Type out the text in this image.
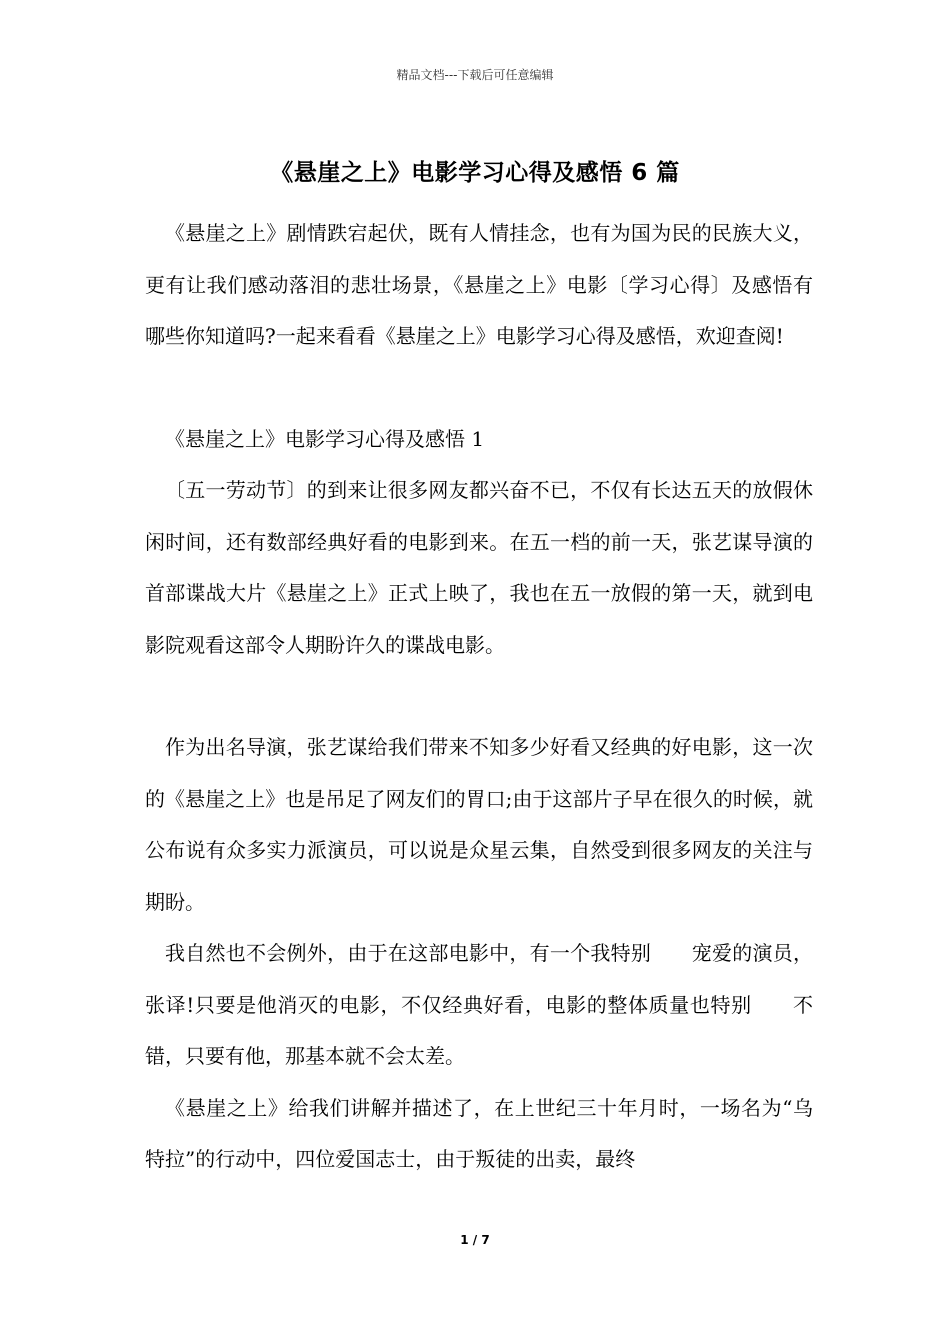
精品文档---下载后可任意编辑
《悬崖之上》电影学习心得及感悟 6 篇

《悬崖之上》剧情跌宕起伏，既有人情挂念，也有为国为民的民族大义，更有让我们感动落泪的悲壮场景，《悬崖之上》电影〔学习心得〕及感悟有哪些你知道吗?一起来看看《悬崖之上》电影学习心得及感悟，欢迎查阅!

《悬崖之上》电影学习心得及感悟 1

〔五一劳动节〕的到来让很多网友都兴奋不已，不仅有长达五天的放假休闲时间，还有数部经典好看的电影到来。在五一档的前一天，张艺谋导演的首部谍战大片《悬崖之上》正式上映了，我也在五一放假的第一天，就到电影院观看这部令人期盼许久的谍战电影。

作为出名导演，张艺谋给我们带来不知多少好看又经典的好电影，这一次的《悬崖之上》也是吊足了网友们的胃口;由于这部片子早在很久的时候，就公布说有众多实力派演员，可以说是众星云集，自然受到很多网友的关注与期盼。

我自然也不会例外，由于在这部电影中，有一个我特别　　宠爱的演员，张译!只要是他消灭的电影，不仅经典好看，电影的整体质量也特别　　不错，只要有他，那基本就不会太差。

《悬崖之上》给我们讲解并描述了，在上世纪三十年月时，一场名为“乌特拉”的行动中，四位爱国志士，由于叛徒的出卖，最终

1 / 7
